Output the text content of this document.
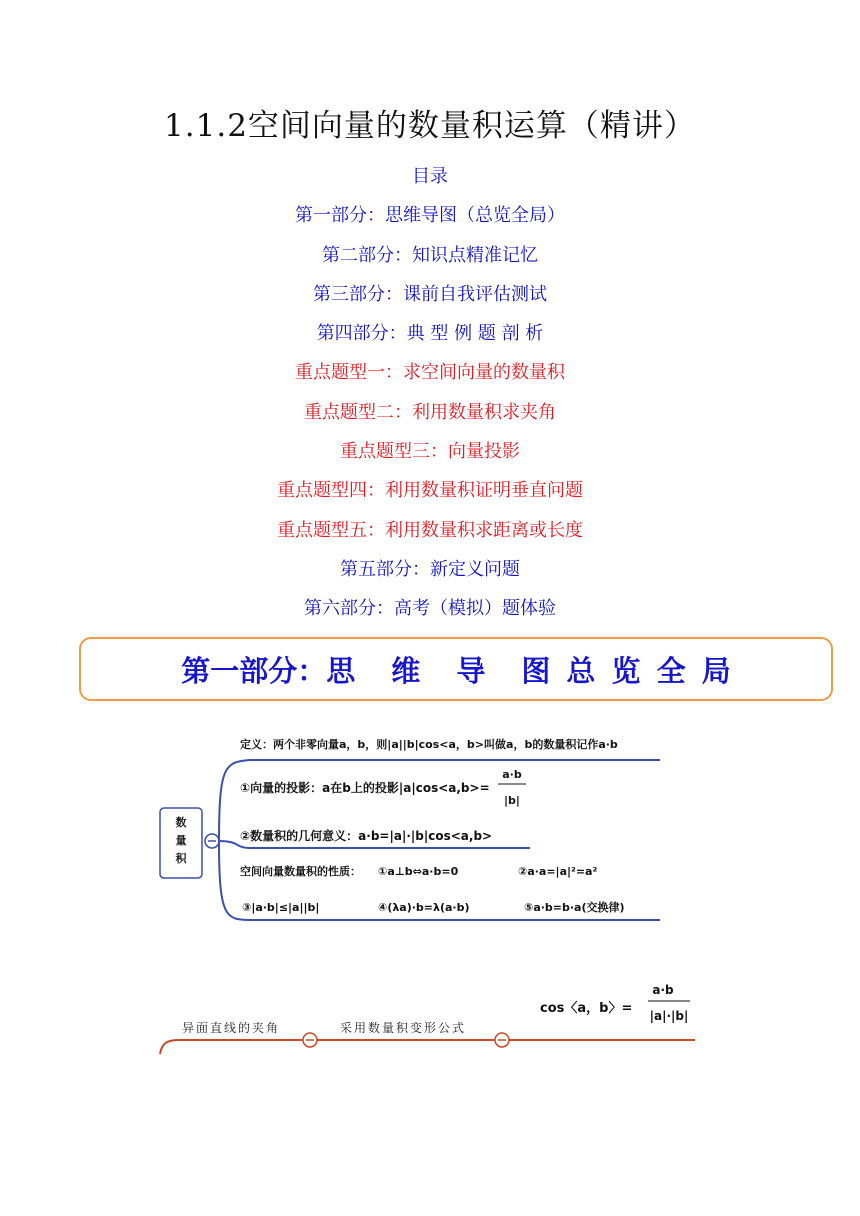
1.1.2空间向量的数量积运算（精讲）
目录
第一部分：思维导图（总览全局）
第二部分：知识点精准记忆
第三部分：课前自我评估测试
第四部分：典 型 例 题 剖 析
重点题型一：求空间向量的数量积
重点题型二：利用数量积求夹角
重点题型三：向量投影
重点题型四：利用数量积证明垂直问题
重点题型五：利用数量积求距离或长度
第五部分：新定义问题
第六部分：高考（模拟）题体验
第一部分： 思 维 导 图 总 览 全 局
数
量
积
定义：两个非零向量a，b，则|a||b|cos<a，b>叫做a，b的数量积记作a·b
①向量的投影：a在b上的投影|a|cos<a,b>=
a·b
|b|
②数量积的几何意义：a·b=|a|·|b|cos<a,b>
空间向量数量积的性质： ①a⊥b⇔a·b=0	②a·a=|a|²=a²
③|a·b|≤|a||b|	④(λa)·b=λ(a·b)	⑤a·b=b·a(交换律)
异面直线的夹角	采用数量积变形公式
cos〈a，b〉=
a·b
|a|·|b|
